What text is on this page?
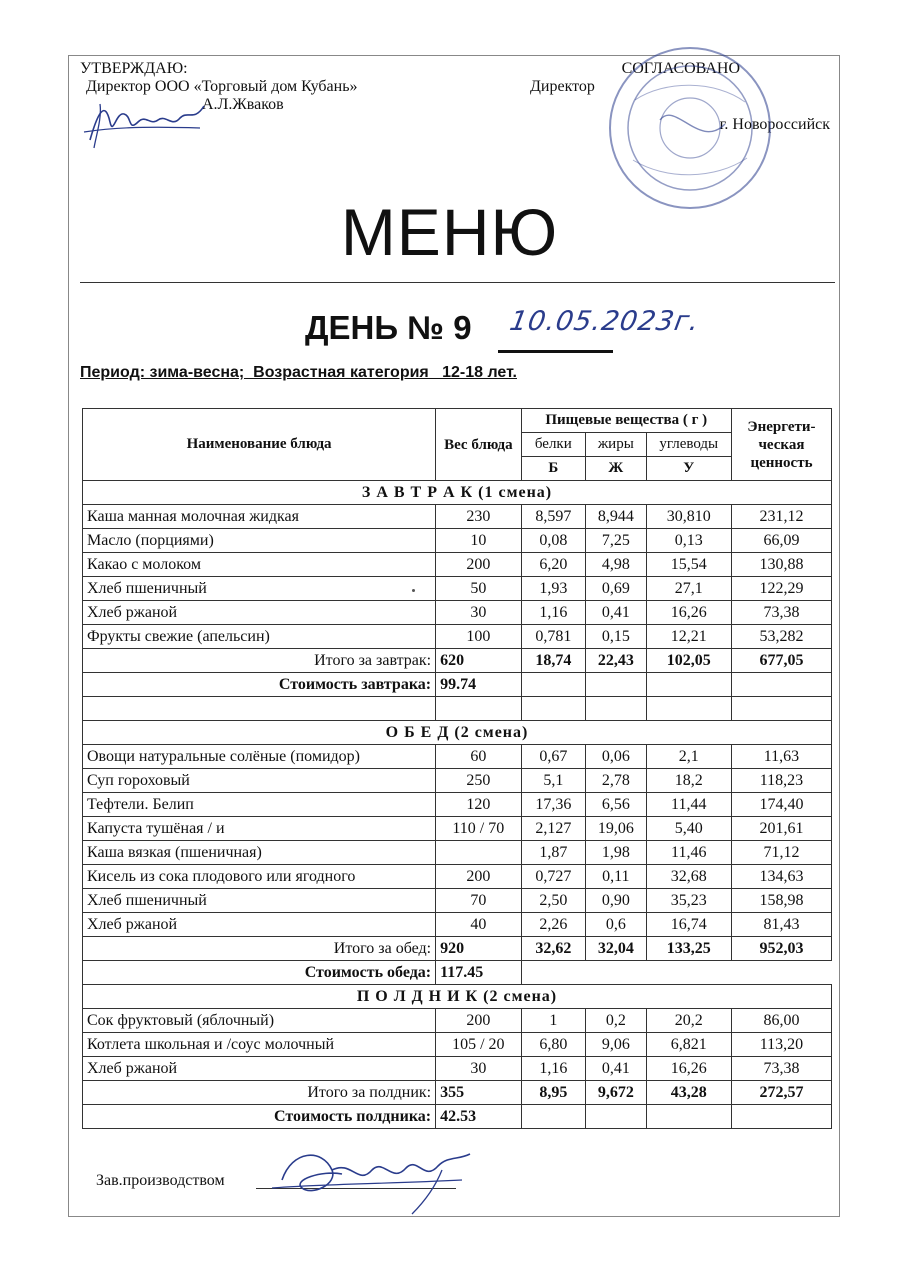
УТВЕРЖДАЮ:
Директор ООО «Торговый дом Кубань»
А.Л.Жваков
СОГЛАСОВАНО
Директор
г. Новороссийск
МЕНЮ
ДЕНЬ № 9 10.05.2023г.
Период: зима-весна;  Возрастная категория   12-18 лет.
Наименование блюда	Вес блюда	Пищевые вещества ( г )			Энергети- ческая ценность
		белки	жиры	углеводы	
		Б	Ж	У	
З А В Т Р А К (1 смена)					
Каша манная молочная жидкая	230	8,597	8,944	30,810	231,12
Масло (порциями)	10	0,08	7,25	0,13	66,09
Какао с молоком	200	6,20	4,98	15,54	130,88
Хлеб пшеничный	50	1,93	0,69	27,1	122,29
Хлеб ржаной	30	1,16	0,41	16,26	73,38
Фрукты свежие (апельсин)	100	0,781	0,15	12,21	53,282
Итого за завтрак:	620	18,74	22,43	102,05	677,05
Стоимость завтрака:	99.74				

О Б Е Д (2 смена)					
Овощи натуральные солёные (помидор)	60	0,67	0,06	2,1	11,63
Суп гороховый	250	5,1	2,78	18,2	118,23
Тефтели. Белип	120	17,36	6,56	11,44	174,40
Капуста тушёная / и	110 / 70	2,127	19,06	5,40	201,61
Каша вязкая (пшеничная)		1,87	1,98	11,46	71,12
Кисель из сока плодового или ягодного	200	0,727	0,11	32,68	134,63
Хлеб пшеничный	70	2,50	0,90	35,23	158,98
Хлеб ржаной	40	2,26	0,6	16,74	81,43
Итого за обед:	920	32,62	32,04	133,25	952,03
Стоимость обеда:	117.45				
П О Л Д Н И К (2 смена)					
Сок фруктовый (яблочный)	200	1	0,2	20,2	86,00
Котлета школьная и /соус молочный	105 / 20	6,80	9,06	6,821	113,20
Хлеб ржаной	30	1,16	0,41	16,26	73,38
Итого за полдник:	355	8,95	9,672	43,28	272,57
Стоимость полдника:	42.53				
Зав.производством
